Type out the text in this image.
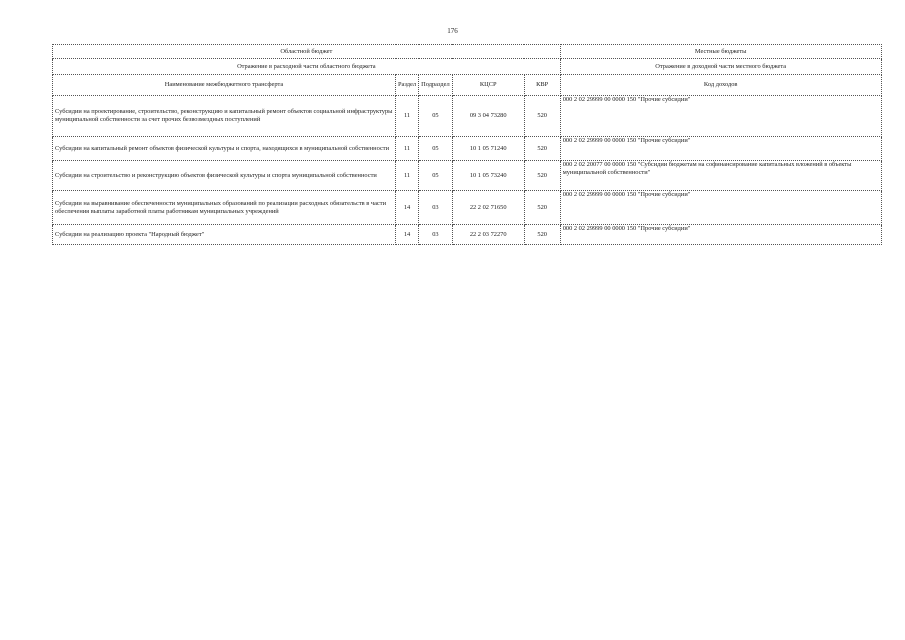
176
Областной бюджет					Местные бюджеты
Отражение в расходной части областного бюджета					Отражение в доходной части местного бюджета
Наименование межбюджетного трансферта	Раздел	Подраздел	КЦСР	КВР	Код доходов
Субсидии на проектирование, строительство, реконструкцию и капитальный ремонт объектов социальной инфраструктуры муниципальной собственности за счет прочих безвозмездных поступлений	11	05	09 3 04 73280	520	000 2 02 29999 00 0000 150 "Прочие субсидии"
Субсидии на капитальный ремонт объектов физической культуры и спорта, находящихся в муниципальной собственности	11	05	10 1 05 71240	520	000 2 02 29999 00 0000 150 "Прочие субсидии"
Субсидии на строительство и реконструкцию объектов физической культуры и спорта муниципальной собственности	11	05	10 1 05 73240	520	000 2 02 20077 00 0000 150 "Субсидии бюджетам на софинансирование капитальных вложений в объекты муниципальной собственности"
Субсидии на выравнивание обеспеченности муниципальных образований по реализации расходных обязательств в части обеспечения выплаты заработной платы работникам муниципальных учреждений	14	03	22 2 02 71650	520	000 2 02 29999 00 0000 150 "Прочие субсидии"
Субсидии на реализацию проекта "Народный бюджет"	14	03	22 2 03 72270	520	000 2 02 29999 00 0000 150 "Прочие субсидии"
